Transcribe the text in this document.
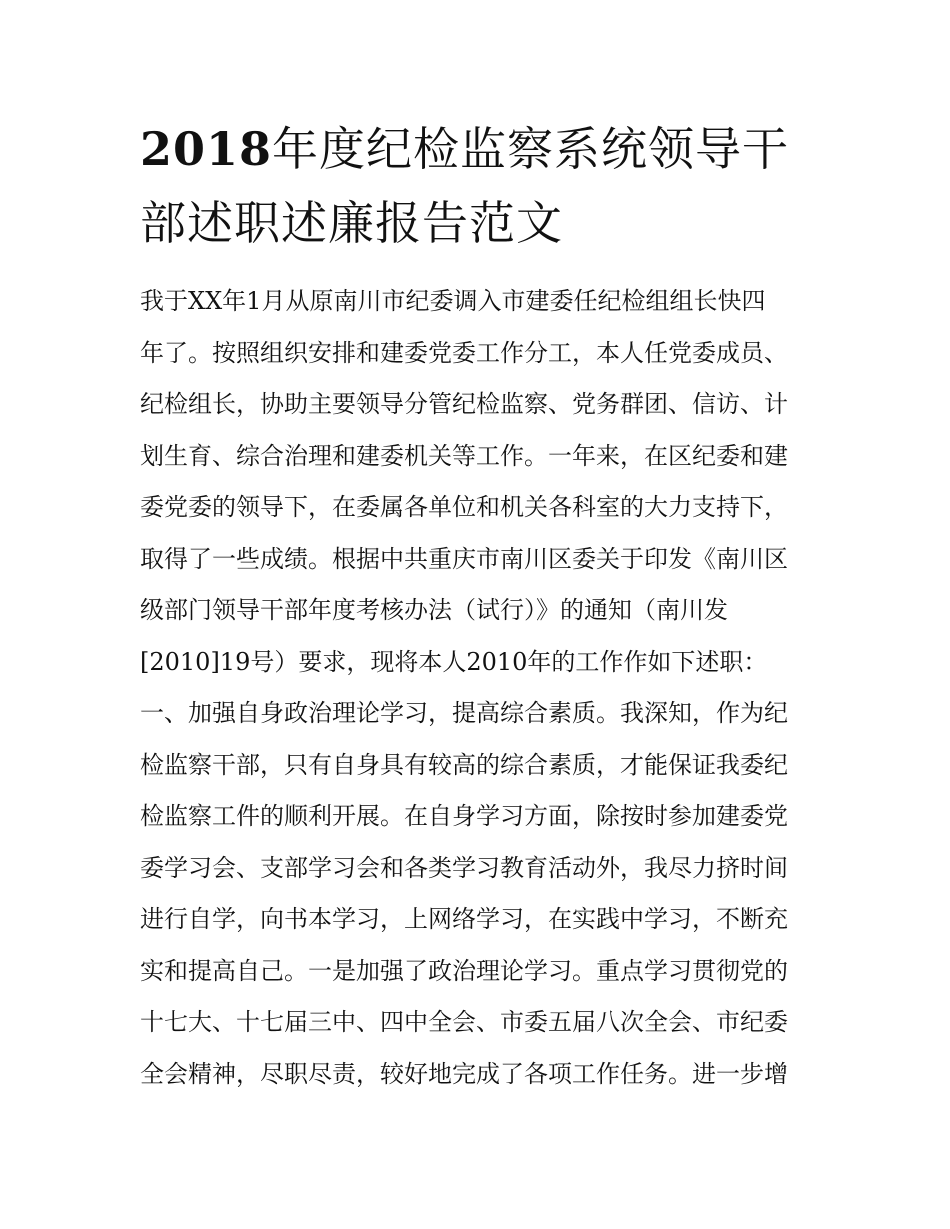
2018年度纪检监察系统领导干
部述职述廉报告范文
我于XX年1月从原南川市纪委调入市建委任纪检组组长快四
年了。按照组织安排和建委党委工作分工，本人任党委成员、
纪检组长，协助主要领导分管纪检监察、党务群团、信访、计
划生育、综合治理和建委机关等工作。一年来，在区纪委和建
委党委的领导下，在委属各单位和机关各科室的大力支持下，
取得了一些成绩。根据中共重庆市南川区委关于印发《南川区
级部门领导干部年度考核办法（试行）》的通知（南川发
[2010]19号）要求，现将本人2010年的工作作如下述职：
一、加强自身政治理论学习，提高综合素质。我深知，作为纪
检监察干部，只有自身具有较高的综合素质，才能保证我委纪
检监察工件的顺利开展。在自身学习方面，除按时参加建委党
委学习会、支部学习会和各类学习教育活动外，我尽力挤时间
进行自学，向书本学习，上网络学习，在实践中学习，不断充
实和提高自己。一是加强了政治理论学习。重点学习贯彻党的
十七大、十七届三中、四中全会、市委五届八次全会、市纪委
全会精神，尽职尽责，较好地完成了各项工作任务。进一步增
